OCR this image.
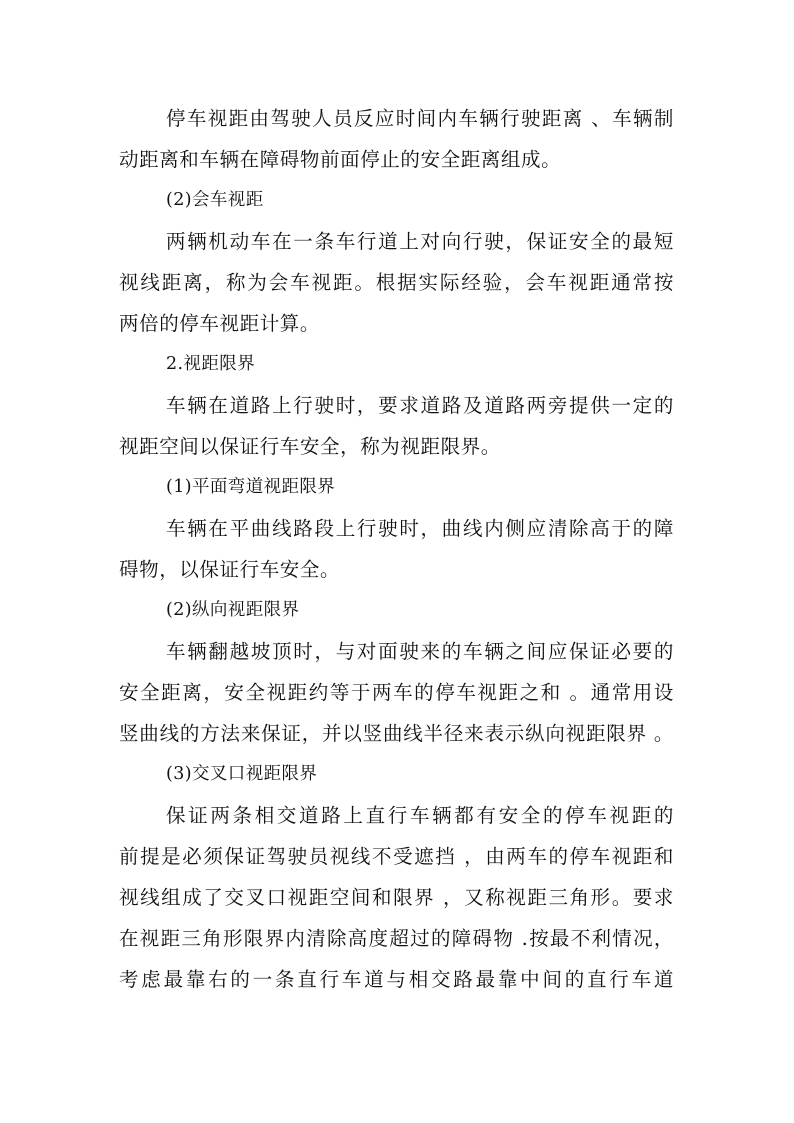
停车视距由驾驶人员反应时间内车辆行驶距离 、车辆制
动距离和车辆在障碍物前面停止的安全距离组成。
(2)会车视距
两辆机动车在一条车行道上对向行驶，保证安全的最短
视线距离，称为会车视距。根据实际经验，会车视距通常按
两倍的停车视距计算。
2.视距限界
车辆在道路上行驶时，要求道路及道路两旁提供一定的
视距空间以保证行车安全，称为视距限界。
(1)平面弯道视距限界
车辆在平曲线路段上行驶时，曲线内侧应清除高于的障
碍物，以保证行车安全。
(2)纵向视距限界
车辆翻越坡顶时，与对面驶来的车辆之间应保证必要的
安全距离，安全视距约等于两车的停车视距之和 。通常用设
竖曲线的方法来保证，并以竖曲线半径来表示纵向视距限界 。
(3)交叉口视距限界
保证两条相交道路上直行车辆都有安全的停车视距的
前提是必须保证驾驶员视线不受遮挡 ，由两车的停车视距和
视线组成了交叉口视距空间和限界 ，又称视距三角形。要求
在视距三角形限界内清除高度超过的障碍物 .按最不利情况，
考虑最靠右的一条直行车道与相交路最靠中间的直行车道
